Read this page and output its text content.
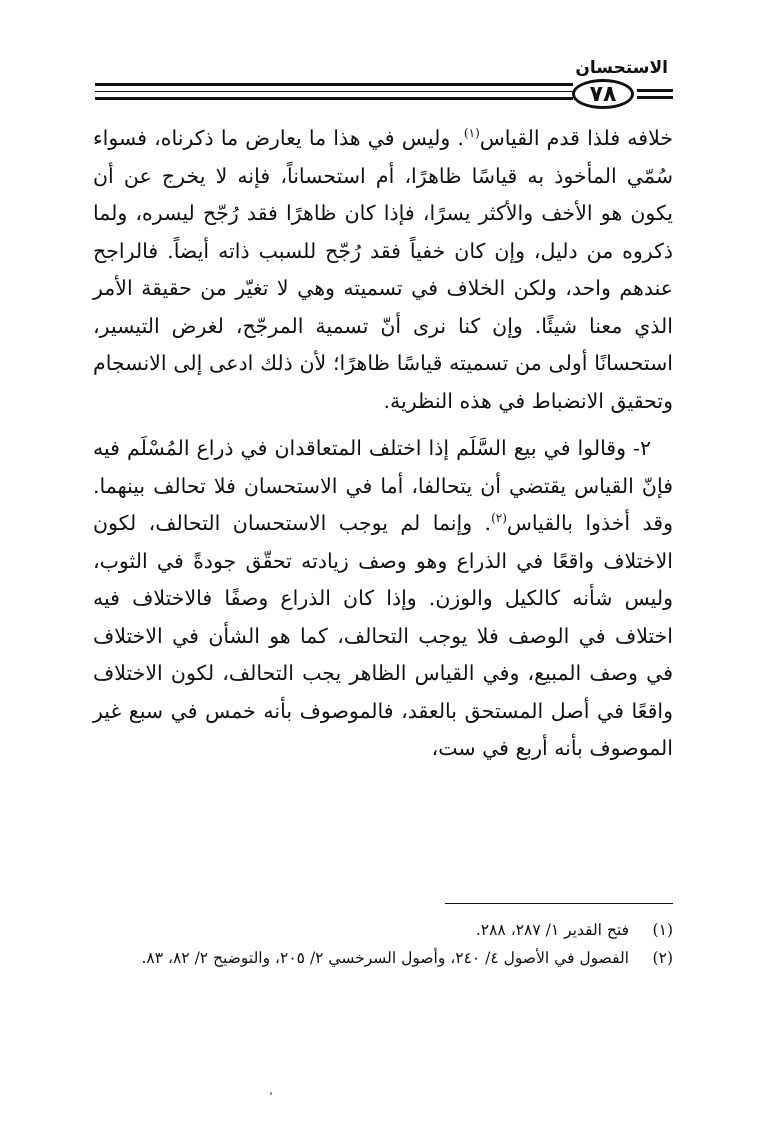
الاستحسان
٧٨

خلافه فلذا قدم القياس$^{(١)}$. وليس في هذا ما يعارض ما ذكرناه، فسواء سُمّي المأخوذ به قياسًا ظاهرًا، أم استحساناً، فإنه لا يخرج عن أن يكون هو الأخف والأكثر يسرًا، فإذا كان ظاهرًا فقد رُجّح ليسره، ولما ذكروه من دليل، وإن كان خفياً فقد رُجّح للسبب ذاته أيضاً. فالراجح عندهم واحد، ولكن الخلاف في تسميته وهي لا تغيّر من حقيقة الأمر الذي معنا شيئًا. وإن كنا نرى أنّ تسمية المرجّح، لغرض التيسير، استحسانًا أولى من تسميته قياسًا ظاهرًا؛ لأن ذلك ادعى إلى الانسجام وتحقيق الانضباط في هذه النظرية.

٢- وقالوا في بيع السَّلَم إذا اختلف المتعاقدان في ذراع المُسْلَم فيه فإنّ القياس يقتضي أن يتحالفا، أما في الاستحسان فلا تحالف بينهما. وقد أخذوا بالقياس$^{(٢)}$. وإنما لم يوجب الاستحسان التحالف، لكون الاختلاف واقعًا في الذراع وهو وصف زيادته تحقّق جودةً في الثوب، وليس شأنه كالكيل والوزن. وإذا كان الذراع وصفًا فالاختلاف فيه اختلاف في الوصف فلا يوجب التحالف، كما هو الشأن في الاختلاف في وصف المبيع، وفي القياس الظاهر يجب التحالف، لكون الاختلاف واقعًا في أصل المستحق بالعقد، فالموصوف بأنه خمس في سبع غير الموصوف بأنه أربع في ست،

(١)فتح القدير ١/ ٢٨٧، ٢٨٨.

(٢)الفصول في الأصول ٤/ ٢٤٠، وأصول السرخسي ٢/ ٢٠٥، والتوضيح ٢/ ٨٢، ٨٣.
